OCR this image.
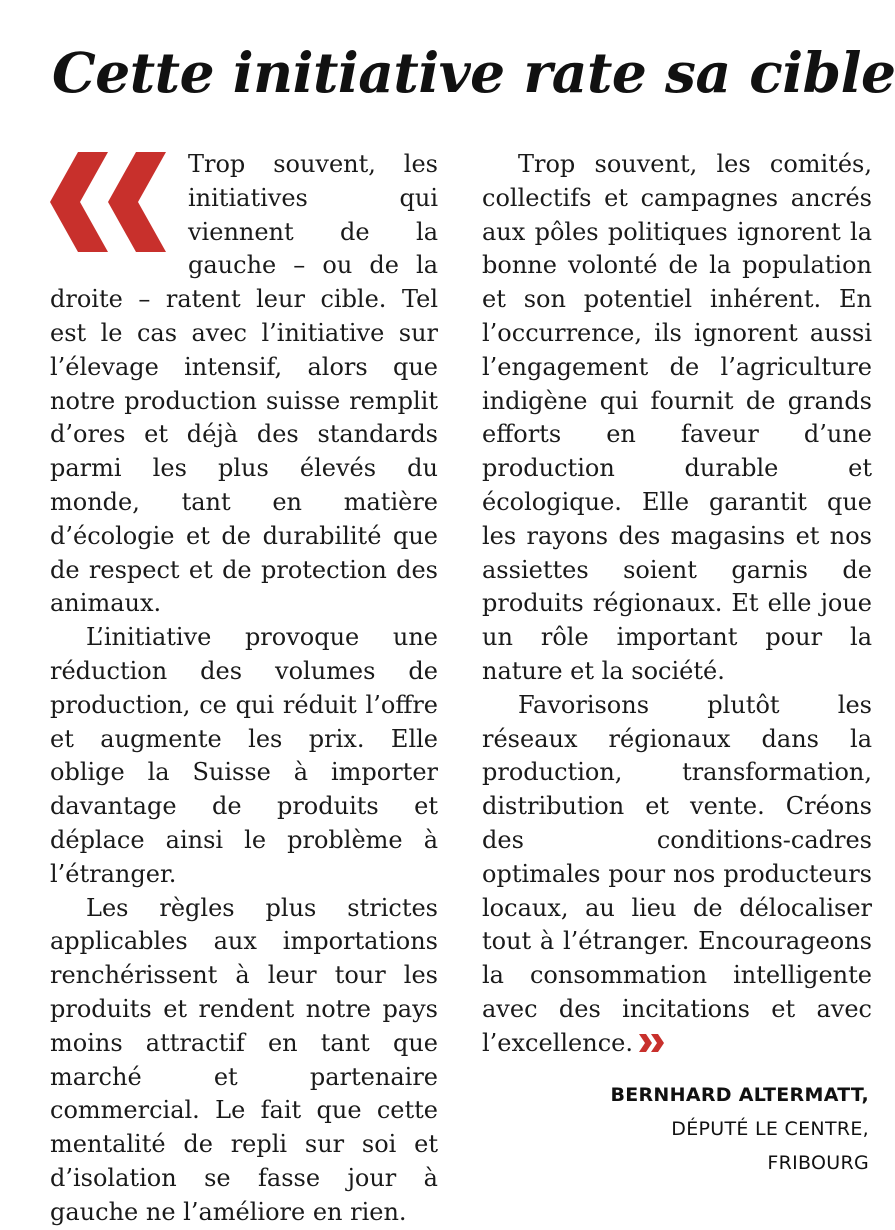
Cette initiative rate sa cible

Trop souvent, les initiatives qui viennent de la gauche – ou de la droite – ratent leur cible. Tel est le cas avec l’initiative sur l’élevage intensif, alors que notre production suisse remplit d’ores et déjà des standards parmi les plus élevés du monde, tant en matière d’écologie et de durabilité que de respect et de protection des animaux.

L’initiative provoque une réduction des volumes de production, ce qui réduit l’offre et augmente les prix. Elle oblige la Suisse à importer davantage de produits et déplace ainsi le problème à l’étranger.

Les règles plus strictes applicables aux importations renchérissent à leur tour les produits et rendent notre pays moins attractif en tant que marché et partenaire commercial. Le fait que cette mentalité de repli sur soi et d’isolation se fasse jour à gauche ne l’améliore en rien.

Trop souvent, les comités, collectifs et campagnes ancrés aux pôles politiques ignorent la bonne volonté de la population et son potentiel inhérent. En l’occurrence, ils ignorent aussi l’engagement de l’agriculture indigène qui fournit de grands efforts en faveur d’une production durable et écologique. Elle garantit que les rayons des magasins et nos assiettes soient garnis de produits régionaux. Et elle joue un rôle important pour la nature et la société.

Favorisons plutôt les réseaux régionaux dans la production, transformation, distribution et vente. Créons des conditions-cadres optimales pour nos producteurs locaux, au lieu de délocaliser tout à l’étranger. Encourageons la consommation intelligente avec des incitations et avec l’excellence.

BERNHARD ALTERMATT,
DÉPUTÉ LE CENTRE,
FRIBOURG
